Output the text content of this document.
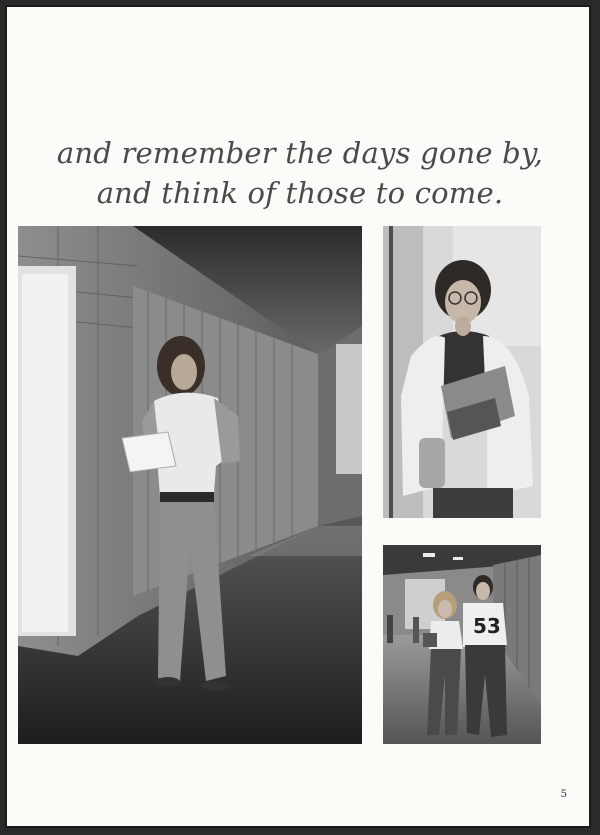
and remember the days gone by,
and think of those to come.
53
5
